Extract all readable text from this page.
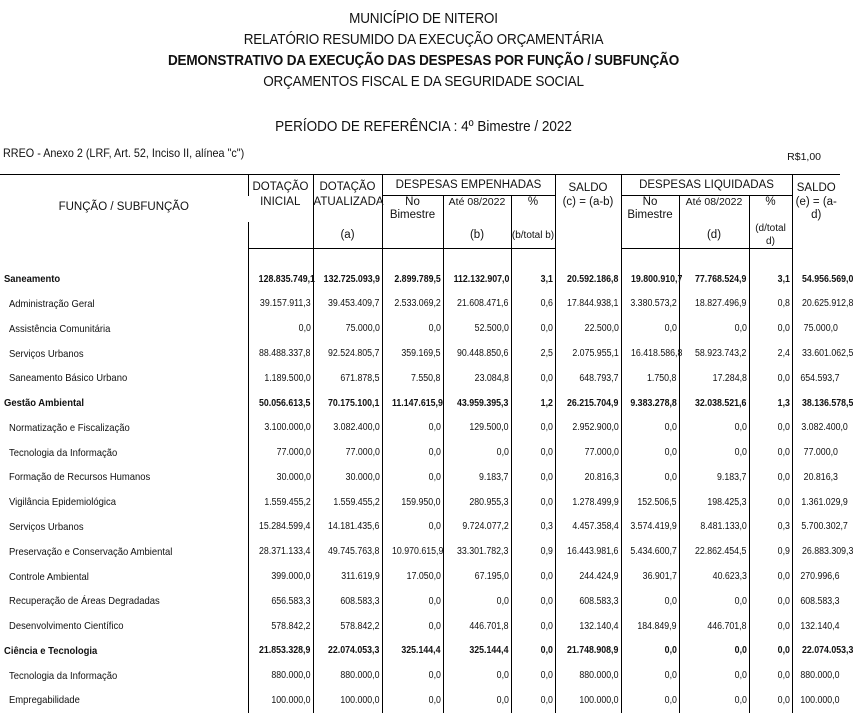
MUNICÍPIO DE NITEROI
RELATÓRIO RESUMIDO DA EXECUÇÃO ORÇAMENTÁRIA
DEMONSTRATIVO DA EXECUÇÃO DAS DESPESAS POR FUNÇÃO / SUBFUNÇÃO
ORÇAMENTOS FISCAL E DA SEGURIDADE SOCIAL
PERÍODO DE REFERÊNCIA : 4º Bimestre / 2022
RREO - Anexo 2 (LRF, Art. 52, Inciso II, alínea "c")	R$1,00
FUNÇÃO / SUBFUNÇÃO	DOTAÇÃO	DOTAÇÃO	DESPESAS EMPENHADAS			SALDO	DESPESAS LIQUIDADAS			SALDO
	INICIAL	ATUALIZADA	No Bimestre	Até 08/2022	%	(c) = (a-b)	No Bimestre	Até 08/2022	%	(e) = (a-d)
		(a)		(b)	(b/total b)			(d)	(d/total d)	

Saneamento	128.835.749,1	132.725.093,9	2.899.789,5	112.132.907,0	3,1	20.592.186,8	19.800.910,7	77.768.524,9	3,1	54.956.569,0
Administração Geral	39.157.911,3	39.453.409,7	2.533.069,2	21.608.471,6	0,6	17.844.938,1	3.380.573,2	18.827.496,9	0,8	20.625.912,8
Assistência Comunitária	0,0	75.000,0	0,0	52.500,0	0,0	22.500,0	0,0	0,0	0,0	75.000,0
Serviços Urbanos	88.488.337,8	92.524.805,7	359.169,5	90.448.850,6	2,5	2.075.955,1	16.418.586,8	58.923.743,2	2,4	33.601.062,5
Saneamento Básico Urbano	1.189.500,0	671.878,5	7.550,8	23.084,8	0,0	648.793,7	1.750,8	17.284,8	0,0	654.593,7
Gestão Ambiental	50.056.613,5	70.175.100,1	11.147.615,9	43.959.395,3	1,2	26.215.704,9	9.383.278,8	32.038.521,6	1,3	38.136.578,5
Normatização e Fiscalização	3.100.000,0	3.082.400,0	0,0	129.500,0	0,0	2.952.900,0	0,0	0,0	0,0	3.082.400,0
Tecnologia da Informação	77.000,0	77.000,0	0,0	0,0	0,0	77.000,0	0,0	0,0	0,0	77.000,0
Formação de Recursos Humanos	30.000,0	30.000,0	0,0	9.183,7	0,0	20.816,3	0,0	9.183,7	0,0	20.816,3
Vigilância Epidemiológica	1.559.455,2	1.559.455,2	159.950,0	280.955,3	0,0	1.278.499,9	152.506,5	198.425,3	0,0	1.361.029,9
Serviços Urbanos	15.284.599,4	14.181.435,6	0,0	9.724.077,2	0,3	4.457.358,4	3.574.419,9	8.481.133,0	0,3	5.700.302,7
Preservação e Conservação Ambiental	28.371.133,4	49.745.763,8	10.970.615,9	33.301.782,3	0,9	16.443.981,6	5.434.600,7	22.862.454,5	0,9	26.883.309,3
Controle Ambiental	399.000,0	311.619,9	17.050,0	67.195,0	0,0	244.424,9	36.901,7	40.623,3	0,0	270.996,6
Recuperação de Áreas Degradadas	656.583,3	608.583,3	0,0	0,0	0,0	608.583,3	0,0	0,0	0,0	608.583,3
Desenvolvimento Científico	578.842,2	578.842,2	0,0	446.701,8	0,0	132.140,4	184.849,9	446.701,8	0,0	132.140,4
Ciência e Tecnologia	21.853.328,9	22.074.053,3	325.144,4	325.144,4	0,0	21.748.908,9	0,0	0,0	0,0	22.074.053,3
Tecnologia da Informação	880.000,0	880.000,0	0,0	0,0	0,0	880.000,0	0,0	0,0	0,0	880.000,0
Empregabilidade	100.000,0	100.000,0	0,0	0,0	0,0	100.000,0	0,0	0,0	0,0	100.000,0
